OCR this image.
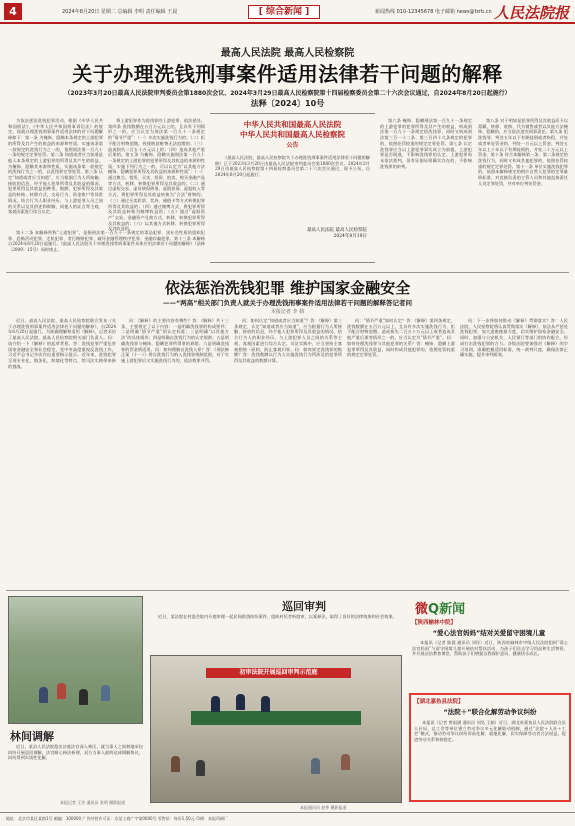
4	2024年8月20日 星期二 总编辑 李明 责任编辑 王晨	[ 综合新闻 ]	新闻热线 010-12345678 电子邮箱 news@fzrb.cn 人民法院报
最高人民法院 最高人民检察院
关于办理洗钱刑事案件适用法律若干问题的解释
（2023年3月20日最高人民法院审判委员会第1880次会议、2024年3月29日最高人民检察院第十四届检察委员会第二十六次会议通过，自2024年8月20日起施行）
法释〔2024〕10号

为依法惩治洗钱犯罪活动，根据《中华人民共和国刑法》、《中华人民共和国刑事诉讼法》的规定，现就办理洗钱刑事案件适用法律的若干问题解释如下：第一条 为掩饰、隐瞒本条规定的上游犯罪的所得及其产生的收益的来源和性质，实施该条第一款规定的洗钱行为之一的，依照刑法第一百九十一条的规定定罪处罚。第二条 知道或者应当知道是他人本条规定的上游犯罪的所得及其产生的收益，为掩饰、隐瞒其来源和性质，实施该条第一款规定的洗钱行为之一的，以洗钱罪定罪处罚。第三条 认定“知道或者应当知道”，应当根据行为人所接触、接收的信息，经手他人犯罪所得及其收益的情况，犯罪所得及其收益的种类、数额，犯罪所得及其收益的转换、转移方式，交易行为、资金账户等异常情况，结合行为人职业经历、与上游犯罪人员之间的关系以及其供述和辩解，同他人的证言等主观、客观因素进行综合认定。

将上游犯罪作为洗钱罪的上游犯罪，依法惩处。第四条 洗钱数额在五百万元以上的，且具有下列情形之一的，应当认定为刑法第一百九十一条规定的“情节严重”：（一）多次实施洗钱行为的；（二）拒不配合财物追缴，致使赃款赃物无法追缴的；（三）造成损失二百五十万元以上的；（四）造成其他严重后果的。第五条 为掩饰、隐瞒实施刑法第一百九十一条规定的上游犯罪的犯罪所得及其收益的来源和性质，实施下列行为之一的，可以认定为“以其他方法掩饰、隐瞒犯罪所得及其收益的来源和性质”：（一）通过典当、租赁、买卖、投资、拍卖、购买金融产品等方式，转移、转换犯罪所得及其收益的；（二）通过虚构交易、虚设债权债务、虚假担保、虚报收入等方式，将犯罪所得及其收益转换为“合法”财物的；（三）通过买卖彩票、奖券、储值卡等方式转换犯罪所得及其收益的；（四）通过赌博方式，将犯罪所得及其收益转换为赌博收益的；（五）通过“虚拟资产”交易、金融资产兑换方式，转移、转换犯罪所得及其收益的；（六）以其他方式转移、转换犯罪所得及其收益的。

中华人民共和国最高人民法院
中华人民共和国最高人民检察院
公告

《最高人民法院、最高人民检察院关于办理洗钱刑事案件适用法律若干问题的解释》已于2023年3月20日由最高人民法院审判委员会第1880次会议、2024年3月29日由最高人民检察院第十四届检察委员会第二十六次会议通过，现予公布，自2024年8月20日起施行。

最高人民法院 最高人民检察院
2024年8月19日

第六条 掩饰、隐瞒刑法第一百九十一条规定的上游犯罪的犯罪所得及其产生的收益，构成刑法第一百九十一条规定的洗钱罪，同时又构成刑法第三百一十二条、第三百四十九条规定的犯罪的，依照处罚较重的规定定罪处罚。第七条 认定洗钱罪应当以上游犯罪事实成立为前提。上游犯罪是否既遂，不影响洗钱罪的认定。上游犯罪尚未依法裁判，但有证据证明确实存在的，不影响洗钱罪的审判。

第八条 对于明知是犯罪所得及其收益而予以窝藏、转移、收购、代为销售或者以其他方法掩饰、隐瞒的，应当依法追究刑事责任。第九条 犯洗钱罪，判处五年以下有期徒刑或者拘役，并处或者单处罚金的，判处一万元以上罚金；判处五年以上十年以下有期徒刑的，并处二十万元以上罚金。第十条 符合本解释第一条、第二条规定的洗钱行为，同时又构成其他犯罪的，依照处罚较重的规定定罪处罚。第十一条 单位实施洗钱犯罪的，依照本解释规定的相应自然人犯罪的定罪量刑标准，对直接负责的主管人员和其他直接责任人员定罪处罚，并对单位判处罚金。

第十二条 本解释所称“上游犯罪”，是指刑法第一百九十一条规定的毒品犯罪、黑社会性质的组织犯罪、恐怖活动犯罪、走私犯罪、贪污贿赂犯罪、破坏金融管理秩序犯罪、金融诈骗犯罪。第十三条 本解释自2024年8月20日起施行。《最高人民法院关于审理洗钱等刑事案件具体应用法律若干问题的解释》（法释〔2009〕15号）同时废止。

依法惩治洗钱犯罪 维护国家金融安全
——“两高”相关部门负责人就关于办理洗钱刑事案件适用法律若干问题的解释答记者问
本报记者 李 婧

近日，最高人民法院、最高人民检察院联合发布《关于办理洗钱刑事案件适用法律若干问题的解释》，自2024年8月20日起施行。为准确理解和适用《解释》，记者采访了最高人民法院、最高人民检察院相关部门负责人。问：请介绍一下《解释》的起草背景。答：洗钱犯罪严重危害国家金融安全和社会稳定。党中央高度重视反洗钱工作，习近平总书记多次作出重要指示批示。近年来，洗钱犯罪呈现专业化、链条化、跨境化等特点，给司法实践带来新的挑战。

问：《解释》的主要内容有哪些？答：《解释》共十三条，主要规定了以下内容：一是明确洗钱罪的构成要件；二是明确“情节严重”的认定标准；三是明确“以其他方法”的具体情形；四是明确自洗钱行为的认定规则；五是明确洗钱罪与掩饰、隐瞒犯罪所得罪的界限；六是明确洗钱罪的罚金刑适用。问：如何理解自洗钱入罪？答：《刑法修正案（十一）》将自洗钱行为纳入洗钱罪规制范围，对于实施上游犯罪后又实施洗钱行为的，依法数罪并罚。

问：如何认定“知道或者应当知道”？答：《解释》第三条规定，认定“知道或者应当知道”，应当根据行为人所接触、接收的信息，经手他人犯罪所得及其收益的情况，结合行为人的职业经历、与上游犯罪人员之间的关系等主观、客观因素进行综合认定。司法实践中，应当坚持主客观相统一原则，防止客观归罪。问：如何界定洗钱罪的数额？答：洗钱数额以行为人实施洗钱行为所涉及的犯罪所得及其收益的数额计算。

问：“情节严重”如何认定？答：《解释》第四条规定，洗钱数额在五百万元以上，且具有多次实施洗钱行为、拒不配合财物追缴、造成损失二百五十万元以上或者造成其他严重后果等情形之一的，应当认定为“情节严重”。问：如何处理洗钱罪与其他犯罪的关系？答：掩饰、隐瞒上游犯罪所得及其收益，同时构成其他犯罪的，依照处罚较重的规定定罪处罚。

问：下一步将如何推动《解释》贯彻落实？答：人民法院、人民检察院将认真贯彻落实《解释》，依法从严惩处洗钱犯罪，加大追赃挽损力度，切实维护国家金融安全。同时，加强与公安机关、人民银行等部门的协作配合，形成打击洗钱犯罪的合力。各级法院要加强对《解释》的学习培训，准确把握适用标准，统一裁判尺度，确保法律正确实施，提升审判质效。

林间调解

近日，某县人民法院派出法庭法官深入林区，就当事人之间林地承包纠纷开展巡回调解。法官耐心释法析理，双方当事人最终达成调解协议，纠纷得到实质性化解。

本报记者 王芳 通讯员 张明 摄影报道
巡回审判

近日，某法院在村委会院内开庭审理一起民间借贷纠纷案件，组织村民旁听庭审，以案释法，取得了良好的法律效果和社会效果。

初审法院开展巡回审判示范庭
本报通讯员 赵华 摄影报道
微Q新闻
【陕西榆林中院】
“爱心法官妈妈”结对关爱留守困境儿童

本报讯（记者 陈晨 通讯员 刘洋）近日，陕西省榆林市中级人民法院组织“爱心法官妈妈”与留守困境儿童开展结对帮扶活动，为孩子们送去学习用品和生活物资，并开展法治教育课堂，帮助孩子们增强自我保护意识，健康快乐成长。

【湖北嘉鱼县法院】
“法院＋”联合化解劳动争议纠纷

本报讯（记者 曾雨涵 通讯员 刘昊 王娟）近日，湖北省嘉鱼县人民法院联合县人社局、总工会等单位建立劳动争议多元化解联动机制，通过“法院＋人社＋工会”模式，推动劳动争议纠纷诉前化解、就地化解，切实保障劳动者合法权益，促进劳动关系和谐稳定。

地址：北京市某区某路1号 邮编：100000 广告经营许可证：京某工商广字第0000号 零售价：每份1.50元 印刷：本报印刷厂
